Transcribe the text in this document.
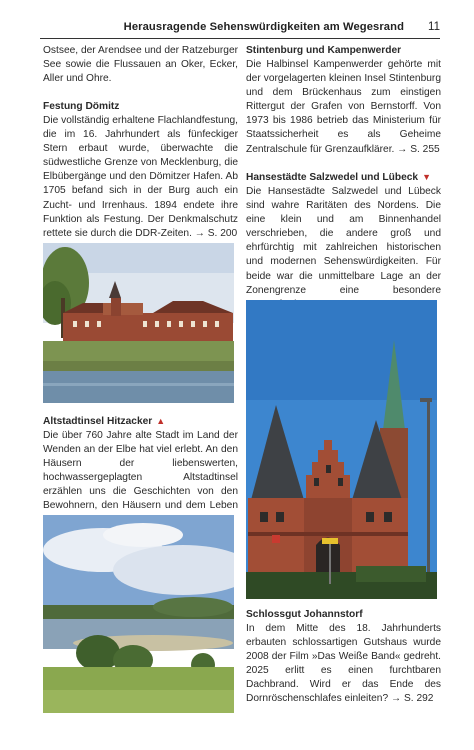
Herausragende Sehenswürdigkeiten am Wegesrand 11

Ostsee, der Arendsee und der Ratzeburger See sowie die Flussauen an Oker, Ecker, Aller und Ohre.

Festung Dömitz

Die vollständig erhaltene Flachlandfestung, die im 16. Jahrhundert als fünfeckiger Stern erbaut wurde, überwachte die südwestliche Grenze von Mecklenburg, die Elbübergänge und den Dömitzer Hafen. Ab 1705 befand sich in der Burg auch ein Zucht- und Irrenhaus. 1894 endete ihre Funktion als Festung. Der Denkmalschutz rettete sie durch die DDR-Zeiten. → S. 200

Altstadtinsel Hitzacker ▲

Die über 760 Jahre alte Stadt im Land der Wenden an der Elbe hat viel erlebt. An den Häusern der liebenswerten, hochwassergeplagten Altstadtinsel erzählen uns die Geschichten von den Bewohnern, den Häusern und dem Leben

Stintenburg und Kampenwerder

Die Halbinsel Kampenwerder gehörte mit der vorgelagerten kleinen Insel Stintenburg und dem Brückenhaus zum einstigen Rittergut der Grafen von Bernstorff. Von 1973 bis 1986 betrieb das Ministerium für Staatssicherheit es als Geheime Zentralschule für Grenzaufklärer. → S. 255

Hansestädte Salzwedel und Lübeck ▼

Die Hansestädte Salzwedel und Lübeck sind wahre Raritäten des Nordens. Die eine klein und am Binnenhandel verschrieben, die andere groß und ehrfürchtig mit zahlreichen historischen und modernen Sehenswürdigkeiten. Für beide war die unmittelbare Lage an der Zonengrenze eine besondere

Schlossgut Johannstorf

In dem Mitte des 18. Jahrhunderts erbauten schlossartigen Gutshaus wurde 2008 der Film »Das Weiße Band« gedreht. 2025 erlitt es einen furchtbaren Dachbrand. Wird er das Ende des Dornröschenschlafes einleiten? → S. 292
